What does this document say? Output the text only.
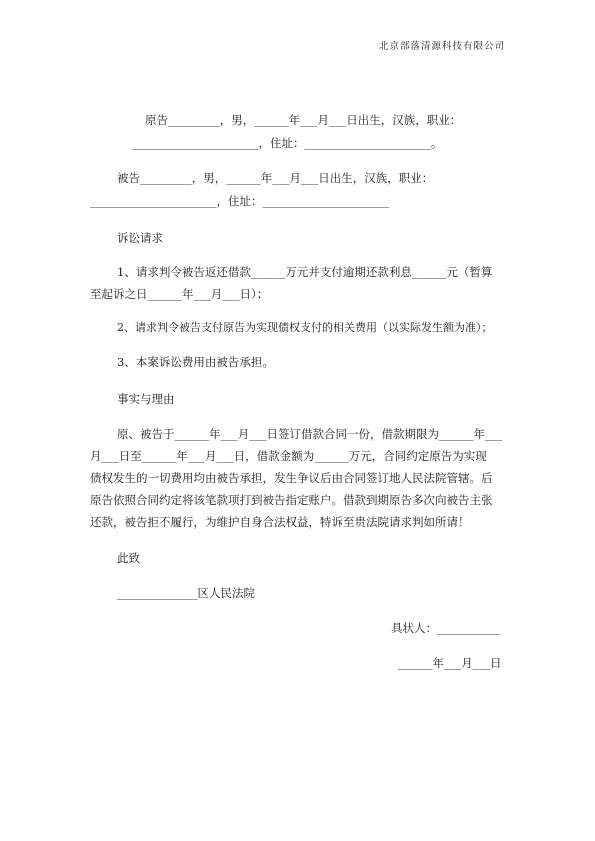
北京部落清源科技有限公司
原告_________，男，______年___月___日出生，汉族，职业：
______________________，住址：______________________。
被告_________，男，______年___月___日出生，汉族，职业：
______________________，住址：______________________
诉讼请求
1、请求判令被告返还借款______万元并支付逾期还款利息______元（暂算
至起诉之日______年___月___日）；
2、请求判令被告支付原告为实现债权支付的相关费用（以实际发生额为准）；
3、本案诉讼费用由被告承担。
事实与理由
原、被告于______年___月___日签订借款合同一份，借款期限为______年___
月___日至______年___月___日，借款金额为______万元，合同约定原告为实现
债权发生的一切费用均由被告承担，发生争议后由合同签订地人民法院管辖。后
原告依照合同约定将该笔款项打到被告指定账户。借款到期原告多次向被告主张
还款，被告拒不履行，为维护自身合法权益，特诉至贵法院请求判如所请！
此致
______________区人民法院
具状人：___________
______年___月___日
